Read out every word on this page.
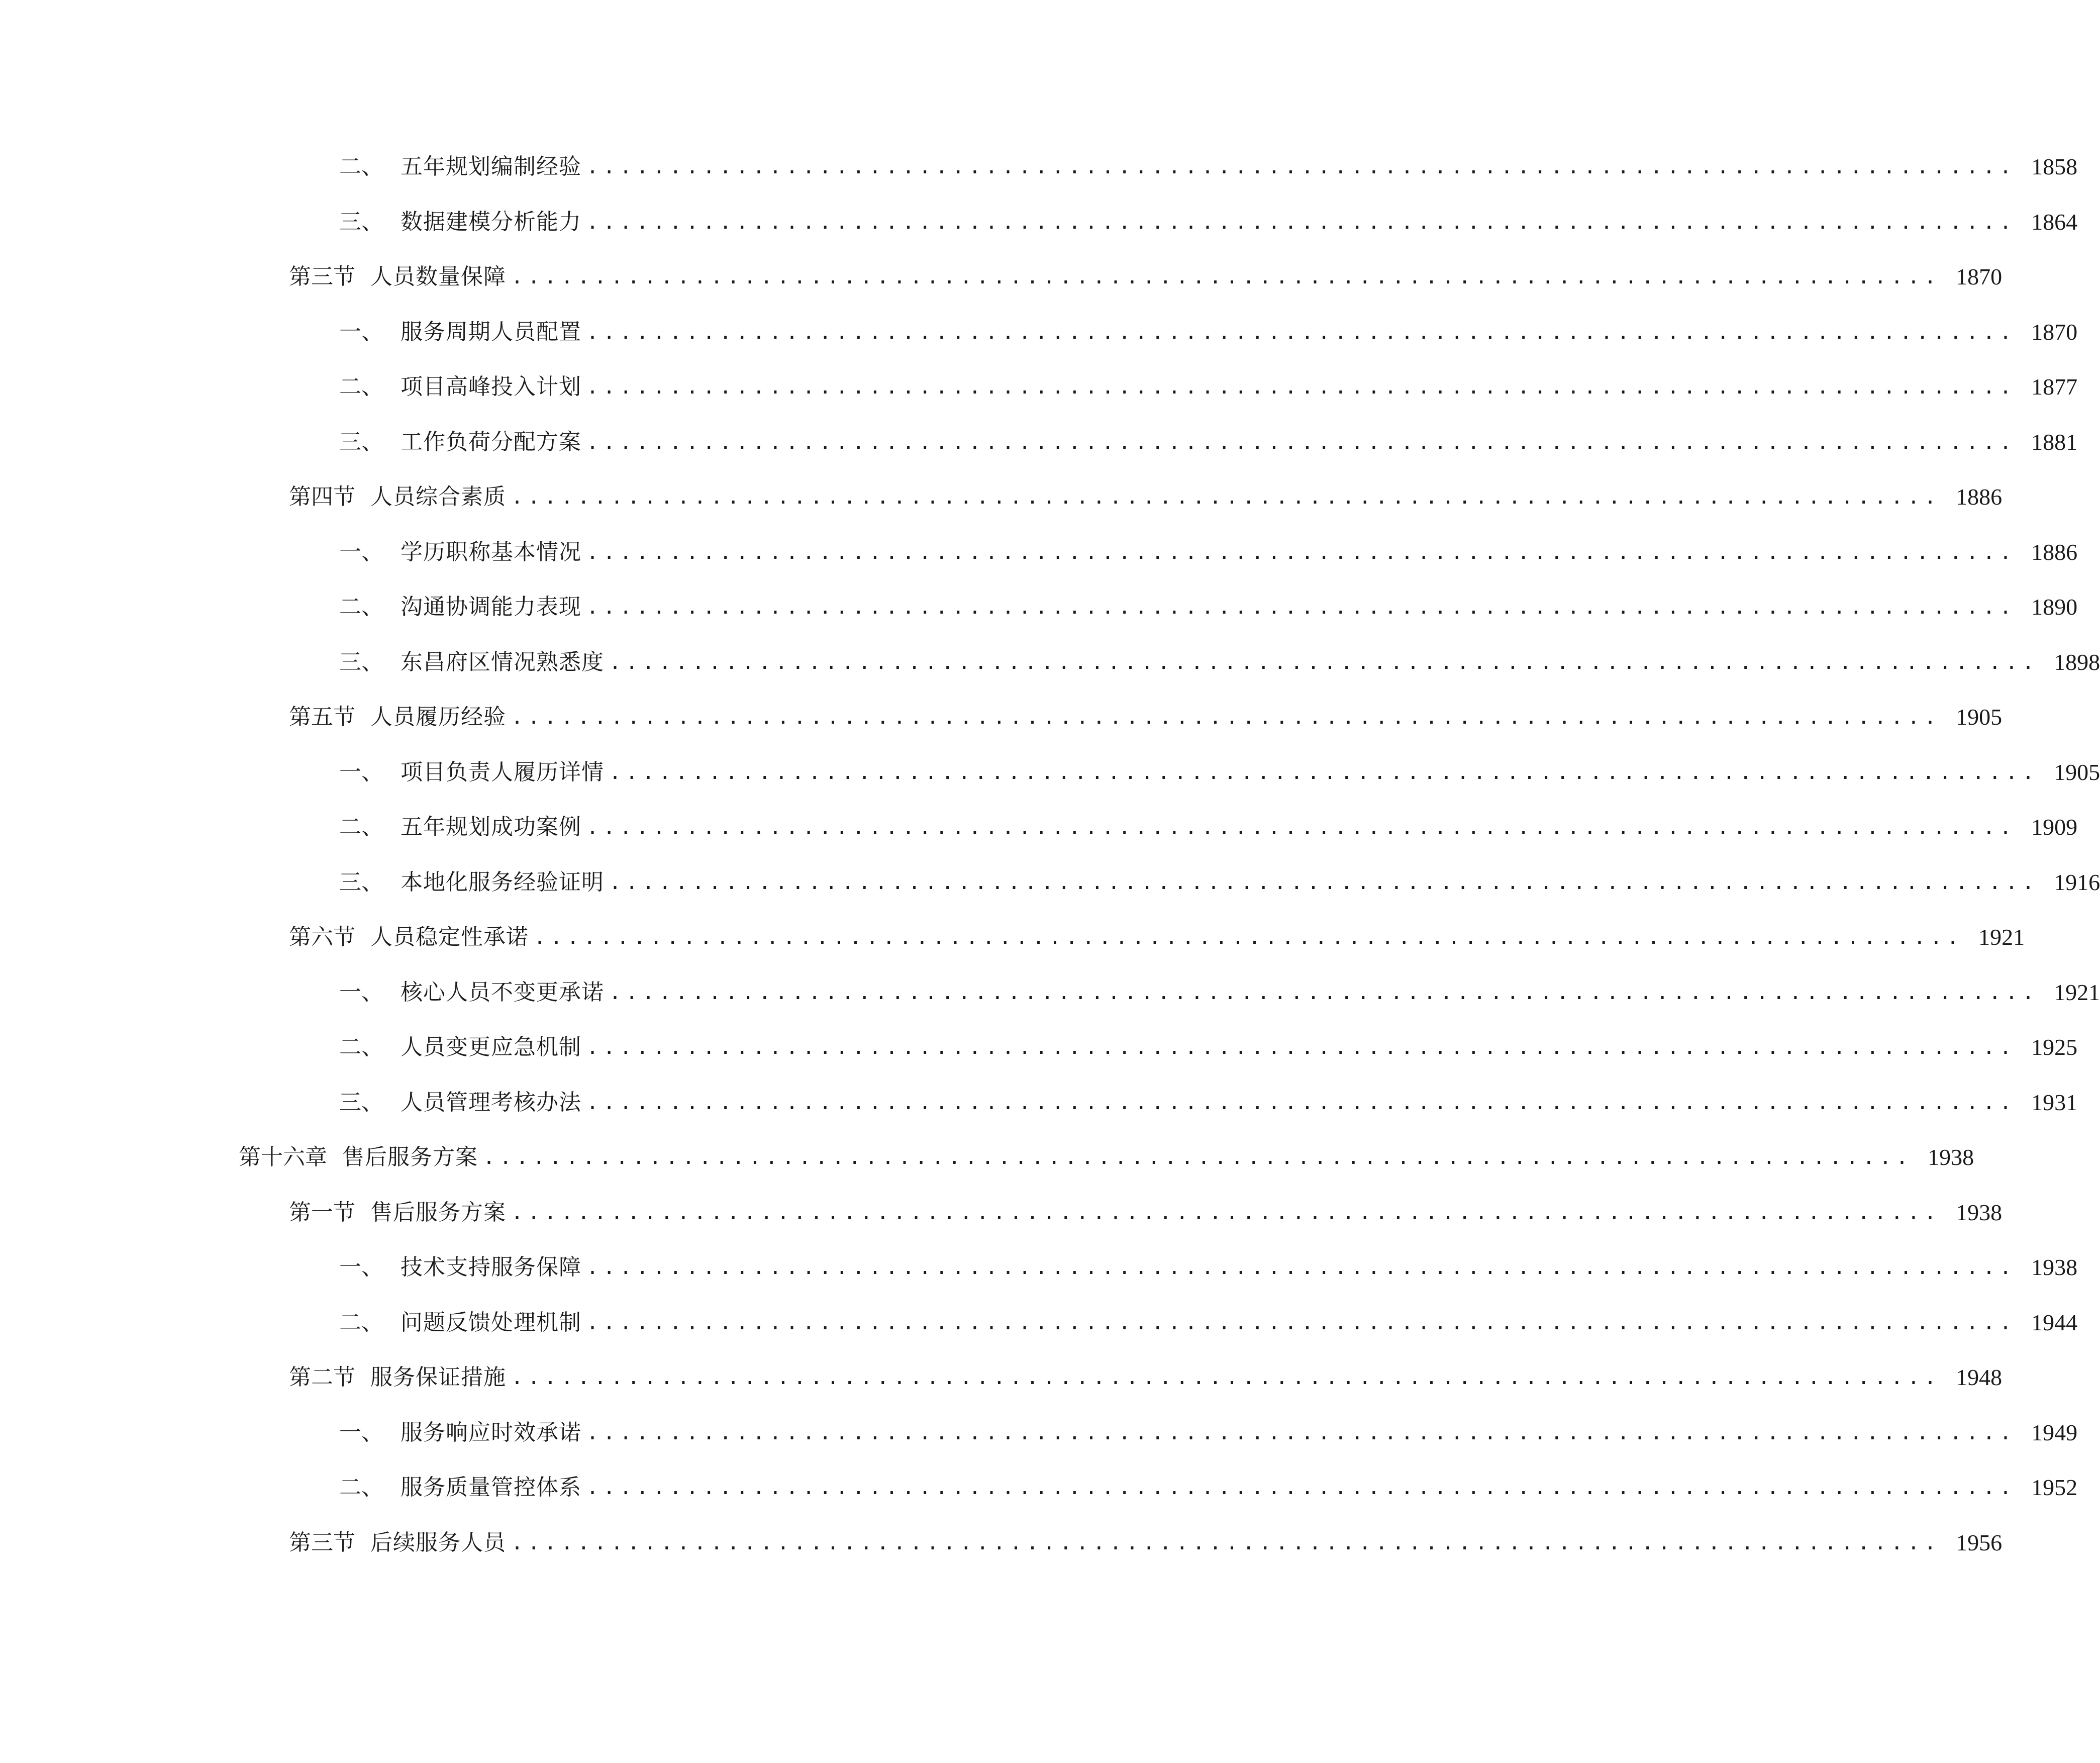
二、 五年规划编制经验 ...................................................................................... 1858
三、 数据建模分析能力 ...................................................................................... 1864
第三节 人员数量保障 ...................................................................................... 1870
一、 服务周期人员配置 ...................................................................................... 1870
二、 项目高峰投入计划 ...................................................................................... 1877
三、 工作负荷分配方案 ...................................................................................... 1881
第四节 人员综合素质 ...................................................................................... 1886
一、 学历职称基本情况 ...................................................................................... 1886
二、 沟通协调能力表现 ...................................................................................... 1890
三、 东昌府区情况熟悉度 ...................................................................................... 1898
第五节 人员履历经验 ...................................................................................... 1905
一、 项目负责人履历详情 ...................................................................................... 1905
二、 五年规划成功案例 ...................................................................................... 1909
三、 本地化服务经验证明 ...................................................................................... 1916
第六节 人员稳定性承诺 ...................................................................................... 1921
一、 核心人员不变更承诺 ...................................................................................... 1921
二、 人员变更应急机制 ...................................................................................... 1925
三、 人员管理考核办法 ...................................................................................... 1931
第十六章 售后服务方案 ...................................................................................... 1938
第一节 售后服务方案 ...................................................................................... 1938
一、 技术支持服务保障 ...................................................................................... 1938
二、 问题反馈处理机制 ...................................................................................... 1944
第二节 服务保证措施 ...................................................................................... 1948
一、 服务响应时效承诺 ...................................................................................... 1949
二、 服务质量管控体系 ...................................................................................... 1952
第三节 后续服务人员 ...................................................................................... 1956
